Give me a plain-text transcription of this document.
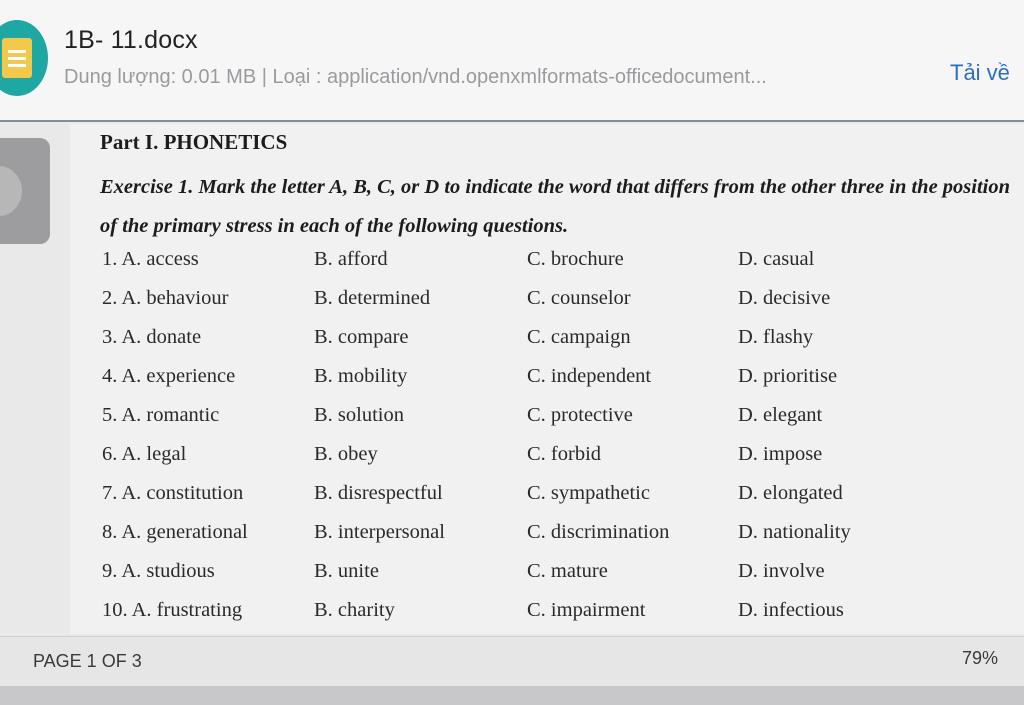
1B- 11.docx
Dung lượng: 0.01 MB | Loại : application/vnd.openxmlformats-officedocument...	Tải về
Part I. PHONETICS
Exercise 1. Mark the letter A, B, C, or D to indicate the word that differs from the other three in the position of the primary stress in each of the following questions.
1. A. access	B. afford	C. brochure	D. casual
2. A. behaviour	B. determined	C. counselor	D. decisive
3. A. donate	B. compare	C. campaign	D. flashy
4. A. experience	B. mobility	C. independent	D. prioritise
5. A. romantic	B. solution	C. protective	D. elegant
6. A. legal	B. obey	C. forbid	D. impose
7. A. constitution	B. disrespectful	C. sympathetic	D. elongated
8. A. generational	B. interpersonal	C. discrimination	D. nationality
9. A. studious	B. unite	C. mature	D. involve
10. A. frustrating	B. charity	C. impairment	D. infectious
PAGE 1 OF 3	79%
